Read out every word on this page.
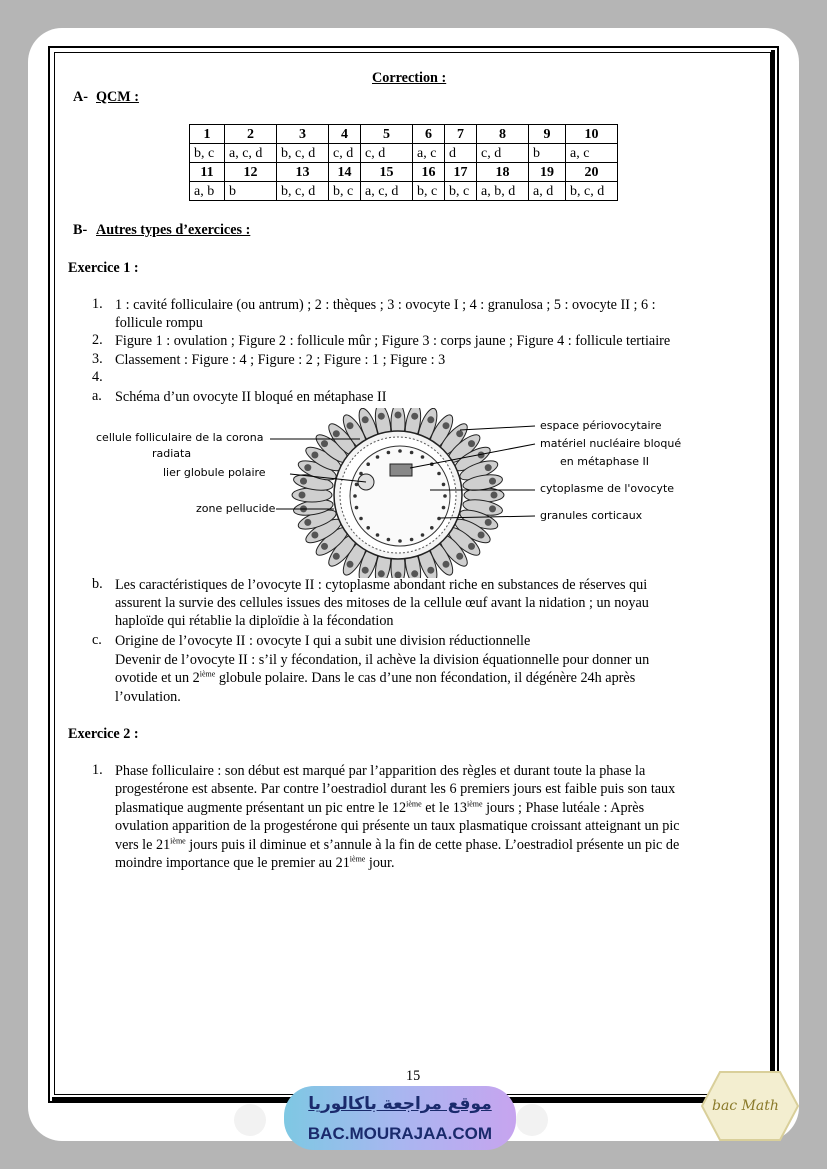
Correction :
A- QCM :
1	2	3	4	5	6	7	8	9	10
b, c	a, c, d	b, c, d	c, d	c, d	a, c	d	c, d	b	a, c
11	12	13	14	15	16	17	18	19	20
a, b	b	b, c, d	b, c	a, c, d	b, c	b, c	a, b, d	a, d	b, c, d
B- Autres types d’exercices :
Exercice 1 :
1. 1 : cavité folliculaire (ou antrum) ; 2 : thèques ; 3 : ovocyte I ; 4 : granulosa ; 5 : ovocyte II ; 6 :
follicule rompu
2. Figure 1 : ovulation ; Figure 2 : follicule mûr ; Figure 3 : corps jaune ; Figure 4 : follicule tertiaire
3. Classement : Figure : 4 ; Figure : 2 ; Figure : 1 ; Figure : 3
4.
a. Schéma d’un ovocyte II bloqué en métaphase II
cellule folliculaire de la corona
radiata
lier globule polaire
zone pellucide
espace périovocytaire
matériel nucléaire bloqué
en métaphase II
cytoplasme de l'ovocyte
granules corticaux
b. Les caractéristiques de l’ovocyte II : cytoplasme abondant riche en substances de réserves qui
assurent la survie des cellules issues des mitoses de la cellule œuf avant la nidation ; un noyau
haploïde qui rétablie la diploïdie à la fécondation
c. Origine de l’ovocyte II : ovocyte I qui a subit une division réductionnelle
Devenir de l’ovocyte II : s’il y fécondation, il achève la division équationnelle pour donner un
ovotide et un 2ième globule polaire. Dans le cas d’une non fécondation, il dégénère 24h après
l’ovulation.
Exercice 2 :
1. Phase folliculaire : son début est marqué par l’apparition des règles et durant toute la phase la
progestérone est absente. Par contre l’oestradiol durant les 6 premiers jours est faible puis son taux
plasmatique augmente présentant un pic entre le 12ième et le 13ième jours ; Phase lutéale : Après
ovulation apparition de la progestérone qui présente un taux plasmatique croissant atteignant un pic
vers le 21ième jours puis il diminue et s’annule à la fin de cette phase. L’oestradiol présente un pic de
moindre importance que le premier au 21ième jour.
15
موقع مراجعة باكالوريا
BAC.MOURAJAA.COM
bac Math
